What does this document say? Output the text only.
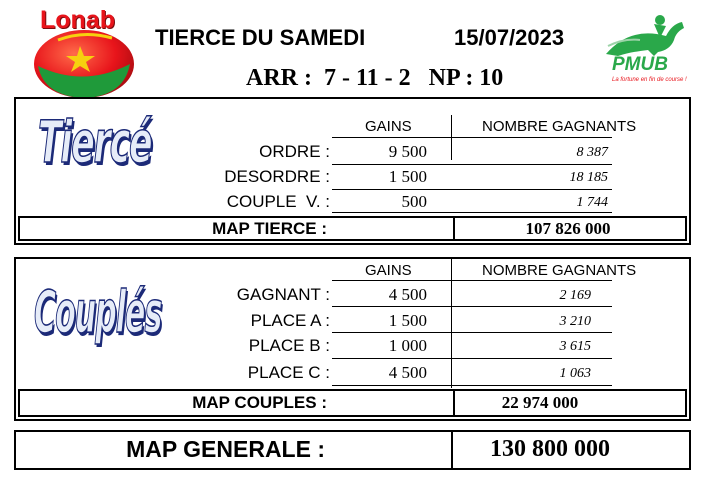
Lonab
TIERCE DU SAMEDI	15/07/2023
ARR :  7 - 11 - 2   NP : 10
PMUB
La fortune en fin de course !
Tiercé	GAINS	NOMBRE GAGNANTS
ORDRE :	9 500	8 387
DESORDRE :	1 500	18 185
COUPLE  V. :	500	1 744
MAP TIERCE :	107 826 000
Couplés
GAINS	NOMBRE GAGNANTS
GAGNANT :	4 500	2 169
PLACE A :	1 500	3 210
PLACE B :	1 000	3 615
PLACE C :	4 500	1 063
MAP COUPLES :	22 974 000
MAP GENERALE :	130 800 000
